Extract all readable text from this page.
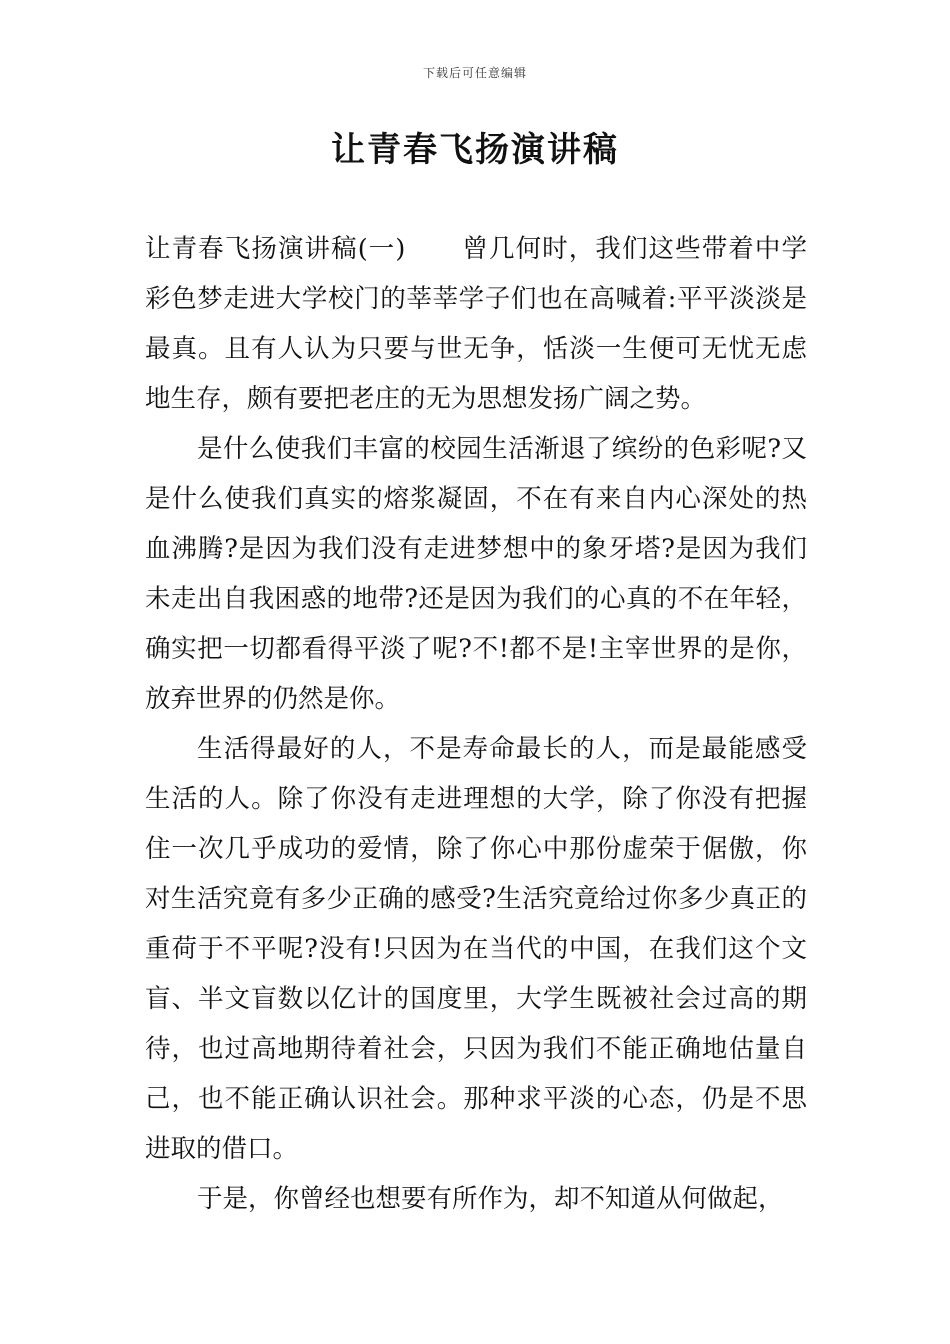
下载后可任意编辑
让青春飞扬演讲稿

让青春飞扬演讲稿(一) 曾几何时，我们这些带着中学彩色梦走进大学校门的莘莘学子们也在高喊着:平平淡淡是最真。且有人认为只要与世无争，恬淡一生便可无忧无虑地生存，颇有要把老庄的无为思想发扬广阔之势。

是什么使我们丰富的校园生活渐退了缤纷的色彩呢?又是什么使我们真实的熔浆凝固，不在有来自内心深处的热血沸腾?是因为我们没有走进梦想中的象牙塔?是因为我们未走出自我困惑的地带?还是因为我们的心真的不在年轻，确实把一切都看得平淡了呢?不!都不是!主宰世界的是你，放弃世界的仍然是你。

生活得最好的人，不是寿命最长的人，而是最能感受生活的人。除了你没有走进理想的大学，除了你没有把握住一次几乎成功的爱情，除了你心中那份虚荣于倨傲，你对生活究竟有多少正确的感受?生活究竟给过你多少真正的重荷于不平呢?没有!只因为在当代的中国，在我们这个文盲、半文盲数以亿计的国度里，大学生既被社会过高的期待，也过高地期待着社会，只因为我们不能正确地估量自己，也不能正确认识社会。那种求平淡的心态，仍是不思进取的借口。

于是，你曾经也想要有所作为，却不知道从何做起，
